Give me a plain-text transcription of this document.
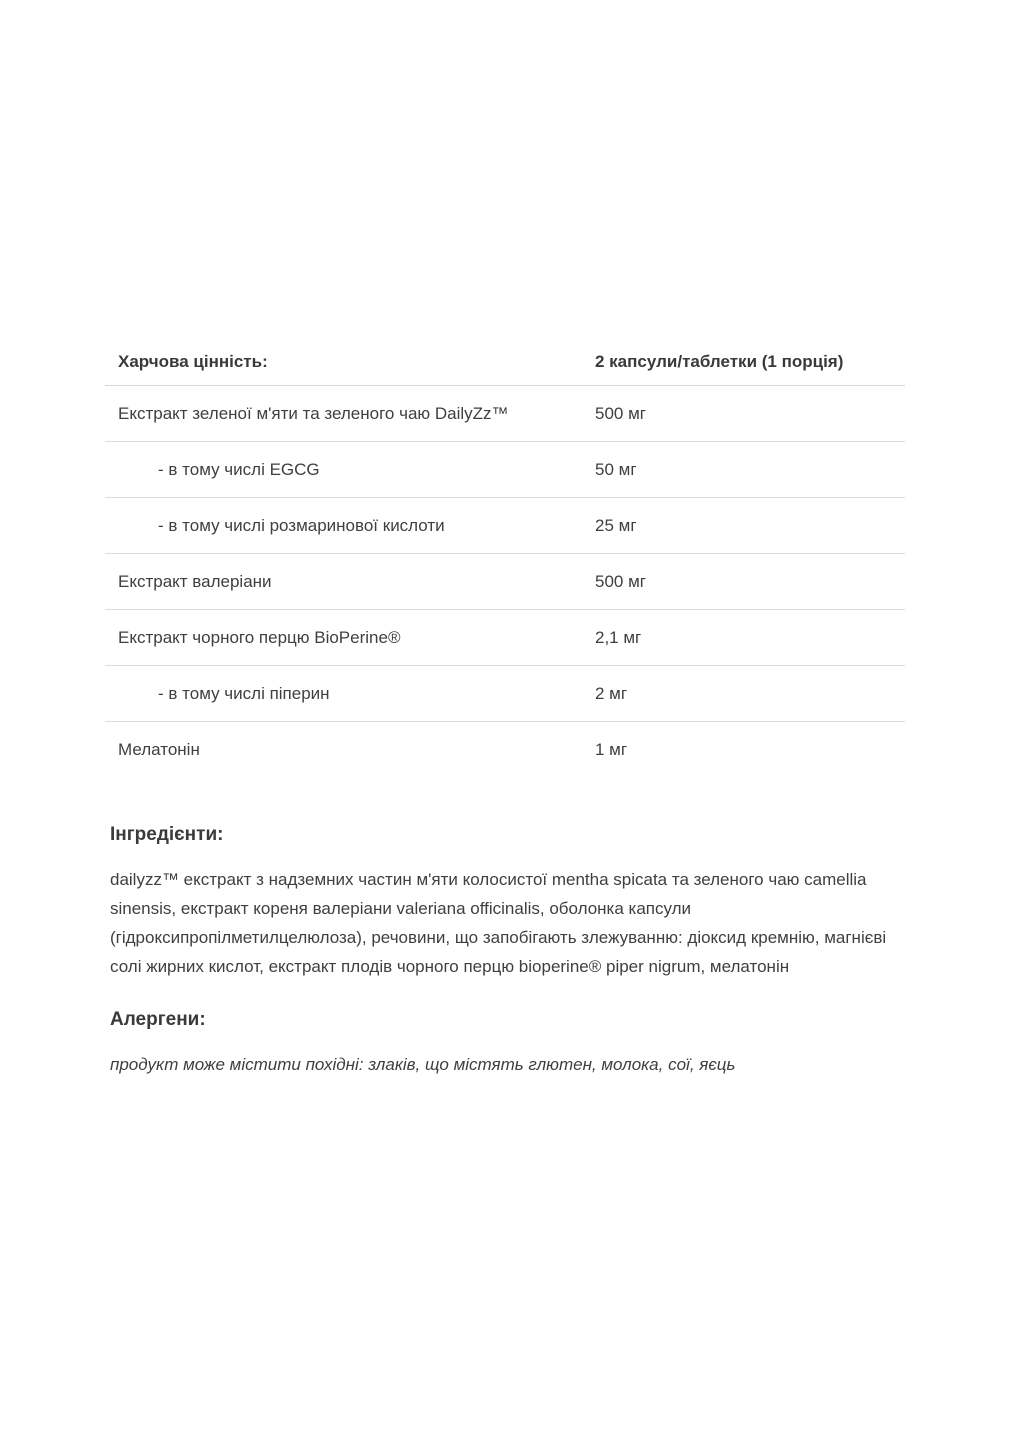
Харчова цінність:	2 капсули/таблетки (1 порція)
Екстракт зеленої м'яти та зеленого чаю DailyZz™	500 мг
- в тому числі EGCG	50 мг
- в тому числі розмаринової кислоти	25 мг
Екстракт валеріани	500 мг
Екстракт чорного перцю BioPerine®	2,1 мг
- в тому числі піперин	2 мг
Мелатонін	1 мг
Інгредієнти:
dailyzz™ екстракт з надземних частин м'яти колосистої mentha spicata та зеленого чаю camellia sinensis, екстракт кореня валеріани valeriana officinalis, оболонка капсули (гідроксипропілметилцелюлоза), речовини, що запобігають злежуванню: діоксид кремнію, магнієві солі жирних кислот, екстракт плодів чорного перцю bioperine® piper nigrum, мелатонін
Алергени:
продукт може містити похідні: злаків, що містять глютен, молока, сої, яєць
